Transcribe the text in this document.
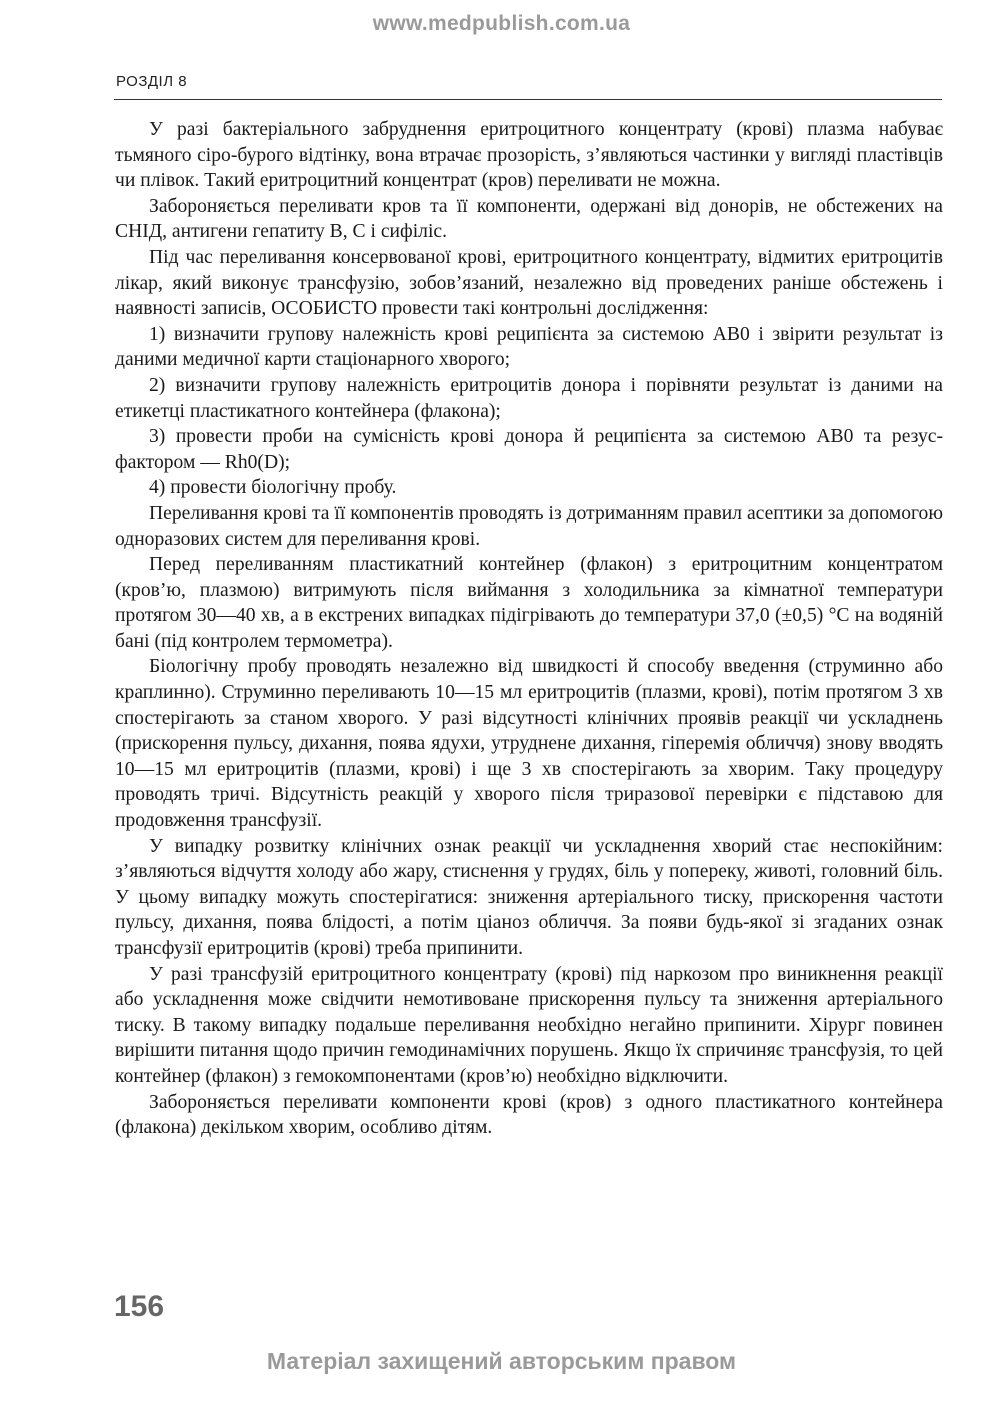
www.medpublish.com.ua
РОЗДІЛ 8

У разі бактеріального забруднення еритроцитного концентрату (крові) плазма набуває тьмяного сіро-бурого відтінку, вона втрачає прозорість, з’являються частинки у вигляді пластівців чи плівок. Такий еритроцитний концентрат (кров) переливати не можна.

Забороняється переливати кров та її компоненти, одержані від донорів, не обстежених на СНІД, антигени гепатиту В, С і сифіліс.

Під час переливання консервованої крові, еритроцитного концентрату, відмитих еритроцитів лікар, який виконує трансфузію, зобов’язаний, незалежно від проведених раніше обстежень і наявності записів, ОСОБИСТО провести такі контрольні дослідження:

1) визначити групову належність крові реципієнта за системою АВ0 і звірити результат із даними медичної карти стаціонарного хворого;

2) визначити групову належність еритроцитів донора і порівняти результат із даними на етикетці пластикатного контейнера (флакона);

3) провести проби на сумісність крові донора й реципієнта за системою АВ0 та резус-фактором — Rh0(D);

4) провести біологічну пробу.

Переливання крові та її компонентів проводять із дотриманням правил асептики за допомогою одноразових систем для переливання крові.

Перед переливанням пластикатний контейнер (флакон) з еритроцитним концентратом (кров’ю, плазмою) витримують після виймання з холодильника за кімнатної температури протягом 30—40 хв, а в екстрених випадках підігрівають до температури 37,0 (±0,5) °С на водяній бані (під контролем термометра).

Біологічну пробу проводять незалежно від швидкості й способу введення (струминно або краплинно). Струминно переливають 10—15 мл еритроцитів (плазми, крові), потім протягом 3 хв спостерігають за станом хворого. У разі відсутності клінічних проявів реакції чи ускладнень (прискорення пульсу, дихання, поява ядухи, утруднене дихання, гіперемія обличчя) знову вводять 10—15 мл еритроцитів (плазми, крові) і ще 3 хв спостерігають за хворим. Таку процедуру проводять тричі. Відсутність реакцій у хворого після триразової перевірки є підставою для продовження трансфузії.

У випадку розвитку клінічних ознак реакції чи ускладнення хворий стає неспокійним: з’являються відчуття холоду або жару, стиснення у грудях, біль у попереку, животі, головний біль. У цьому випадку можуть спостерігатися: зниження артеріального тиску, прискорення частоти пульсу, дихання, поява блідості, а потім ціаноз обличчя. За появи будь-якої зі згаданих ознак трансфузії еритроцитів (крові) треба припинити.

У разі трансфузій еритроцитного концентрату (крові) під наркозом про виникнення реакції або ускладнення може свідчити немотивоване прискорення пульсу та зниження артеріального тиску. В такому випадку подальше переливання необхідно негайно припинити. Хірург повинен вирішити питання щодо причин гемодинамічних порушень. Якщо їх спричиняє трансфузія, то цей контейнер (флакон) з гемокомпонентами (кров’ю) необхідно відключити.

Забороняється переливати компоненти крові (кров) з одного пластикатного контейнера (флакона) декільком хворим, особливо дітям.

156
Матеріал захищений авторським правом
